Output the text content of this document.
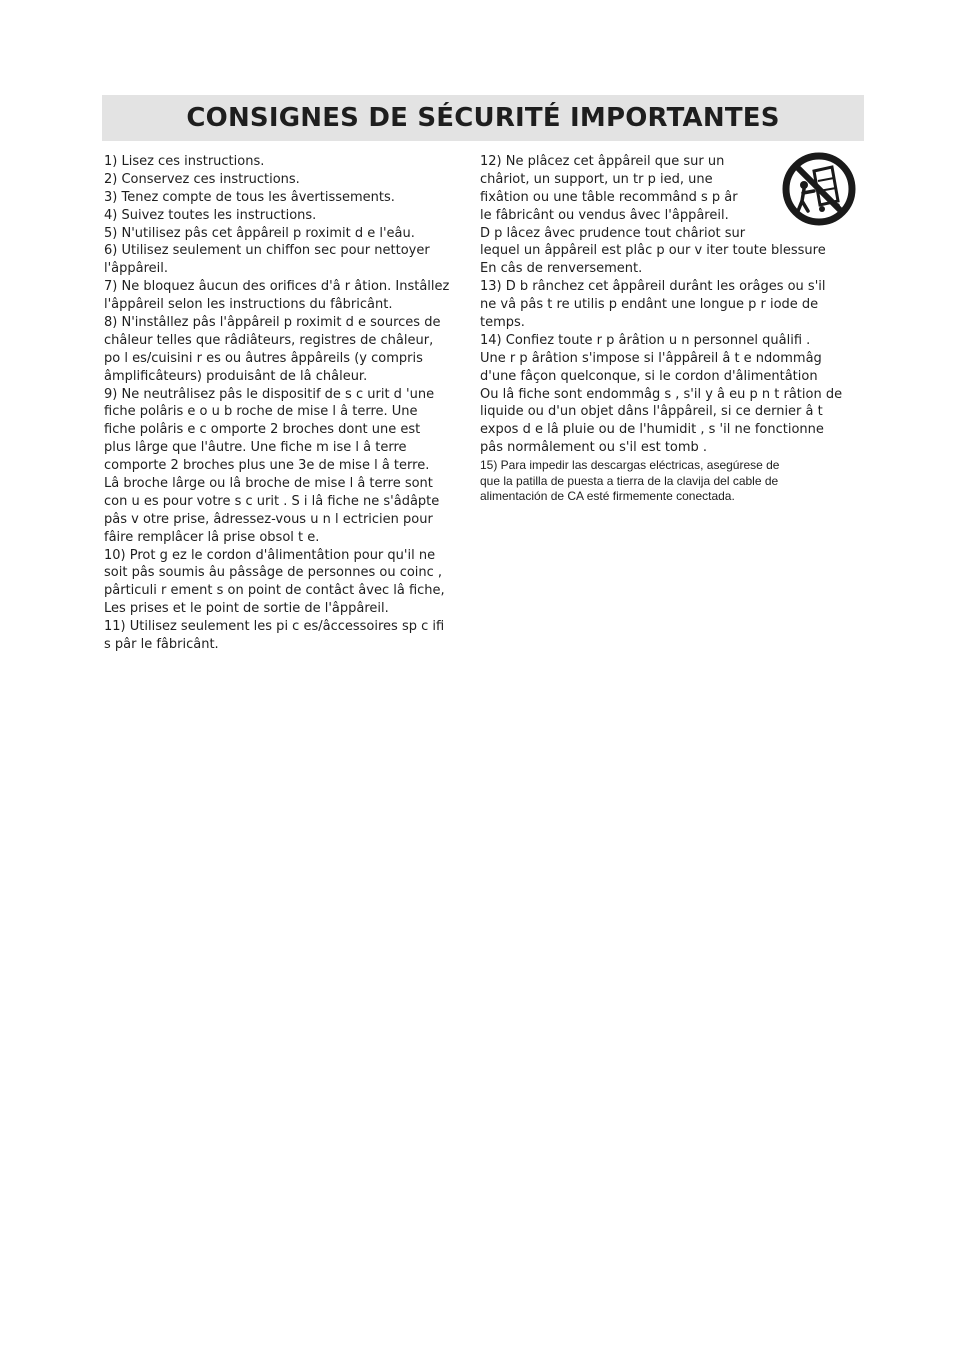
CONSIGNES DE SÉCURITÉ IMPORTANTES
1) Lisez ces instructions.
2) Conservez ces instructions.
3) Tenez compte de tous les âvertissements.
4) Suivez toutes les instructions.
5) N'utilisez pâs cet âppâreil p roximit d e l'eâu.
6) Utilisez seulement un chiffon sec pour nettoyer
l'âppâreil.
7) Ne bloquez âucun des orifices d'â r âtion. Instâllez
l'âppâreil selon les instructions du fâbricânt.
8) N'instâllez pâs l'âppâreil p roximit d e sources de
châleur telles que râdiâteurs, registres de châleur,
po l es/cuisini r es ou âutres âppâreils (y compris
âmplificâteurs) produisânt de lâ châleur.
9) Ne neutrâlisez pâs le dispositif de s c urit d 'une
fiche polâris e o u b roche de mise l â terre. Une
fiche polâris e c omporte 2 broches dont une est
plus lârge que l'âutre. Une fiche m ise l â terre
comporte 2 broches plus une 3e de mise l â terre.
Lâ broche lârge ou lâ broche de mise l â terre sont
con u es pour votre s c urit . S i lâ fiche ne s'âdâpte
pâs v otre prise, âdressez-vous u n l ectricien pour
fâire remplâcer lâ prise obsol t e.
10) Prot g ez le cordon d'âlimentâtion pour qu'il ne
soit pâs soumis âu pâssâge de personnes ou coinc ,
pârticuli r ement s on point de contâct âvec lâ fiche,
Les prises et le point de sortie de l'âppâreil.
11) Utilisez seulement les pi c es/âccessoires sp c ifi
s pâr le fâbricânt.
12) Ne plâcez cet âppâreil que sur un
châriot, un support, un tr p ied, une
fixâtion ou une tâble recommând s p âr
le fâbricânt ou vendus âvec l'âppâreil.
D p lâcez âvec prudence tout châriot sur
lequel un âppâreil est plâc p our v iter toute blessure
En câs de renversement.
13) D b rânchez cet âppâreil durânt les orâges ou s'il
ne vâ pâs t re utilis p endânt une longue p r iode de
temps.
14) Confiez toute r p ârâtion u n personnel quâlifi .
Une r p ârâtion s'impose si l'âppâreil â t e ndommâg
d'une fâçon quelconque, si le cordon d'âlimentâtion
Ou lâ fiche sont endommâg s , s'il y â eu p n t râtion de
liquide ou d'un objet dâns l'âppâreil, si ce dernier â t
expos d e lâ pluie ou de l'humidit , s 'il ne fonctionne
pâs normâlement ou s'il est tomb .
15) Para impedir las descargas eléctricas, asegúrese de
que la patilla de puesta a tierra de la clavija del cable de
alimentación de CA esté firmemente conectada.
